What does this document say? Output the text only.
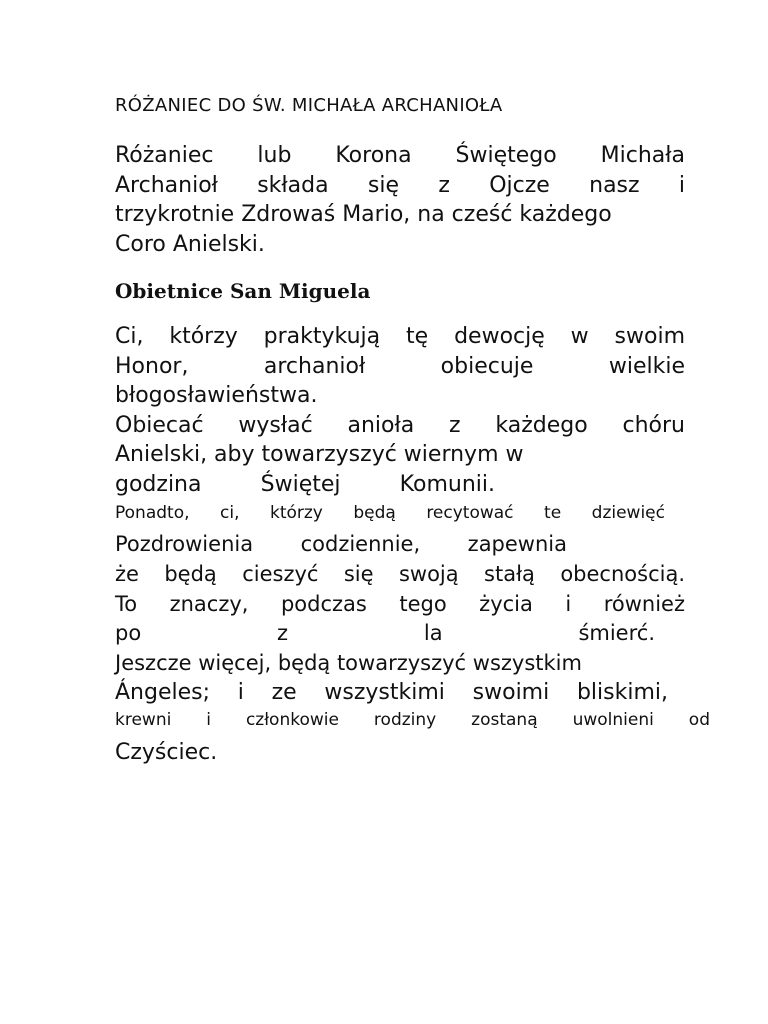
RÓŻANIEC DO ŚW. MICHAŁA ARCHANIOŁA
Różaniec lub Korona Świętego Michała
Archanioł składa się z Ojcze nasz i
trzykrotnie Zdrowaś Mario, na cześć każdego
Coro Anielski.
Obietnice San Miguela
Ci, którzy praktykują tę dewocję w swoim
Honor, archanioł obiecuje wielkie
błogosławieństwa.
Obiecać wysłać anioła z każdego chóru
Anielski, aby towarzyszyć wiernym w
godzina Świętej Komunii.
Ponadto, ci, którzy będą recytować te dziewięć
Pozdrowienia codziennie, zapewnia
że będą cieszyć się swoją stałą obecnością.
To znaczy, podczas tego życia i również
po z la śmierć.
Jeszcze więcej, będą towarzyszyć wszystkim
Ángeles; i ze wszystkimi swoimi bliskimi,
krewni i członkowie rodziny zostaną uwolnieni od
Czyściec.
